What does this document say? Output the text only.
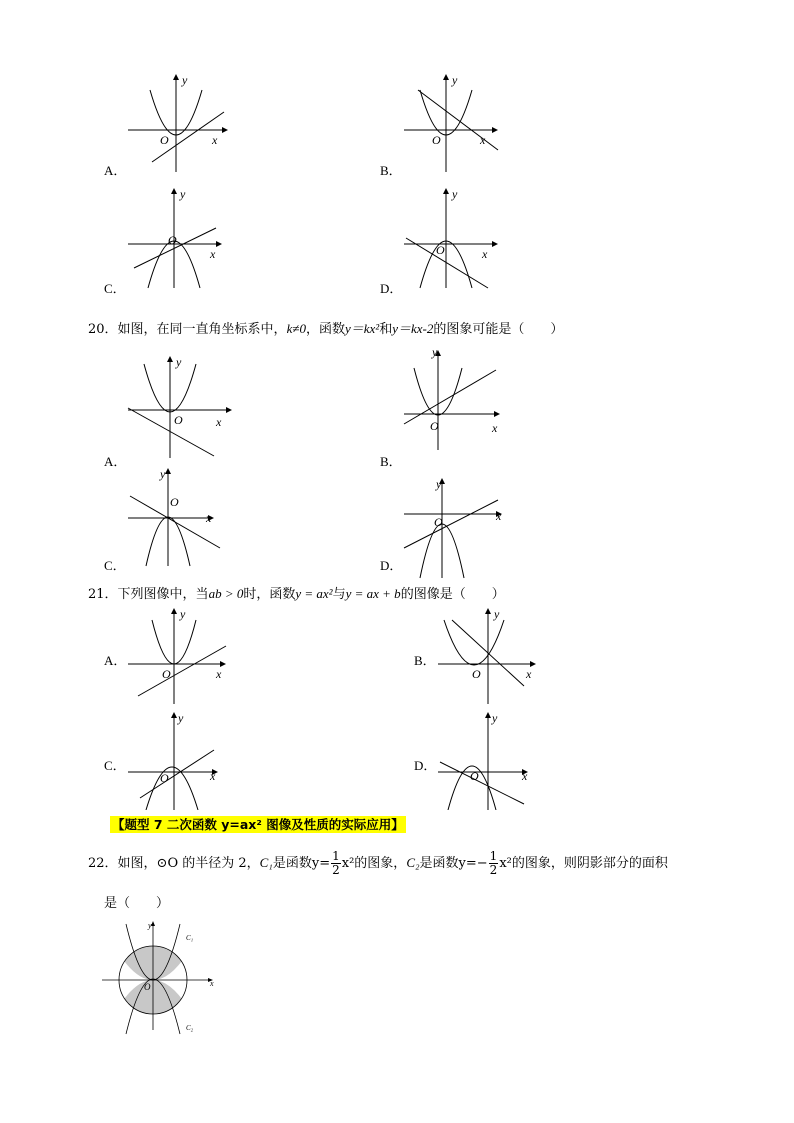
A．	B．
C．	D．
y
x
O
y
x
O
y
x
O
y
x
O
20．如图，在同一直角坐标系中，k≠0，函数y＝kx²和y＝kx-2的图象可能是（　　）
A．	B．
C．	D．
y
x
O
y
x
O
y
x
O
y
x
O
21．下列图像中，当ab > 0时，函数y = ax²与y = ax + b的图像是（　　）
A．	B．
C．	D．
y
x
O
y
x
O
y
x
O
y
x
O
【题型 7 二次函数 y=ax² 图像及性质的实际应用】
22．如图，⊙O 的半径为 2，C₁是函数$y= \frac{1}{2} x^2$的图象，C₂是函数$y=- \frac{1}{2} x^2$的图象，则阴影部分的面积
是（　　）
y
x
O
C₁
C₂
